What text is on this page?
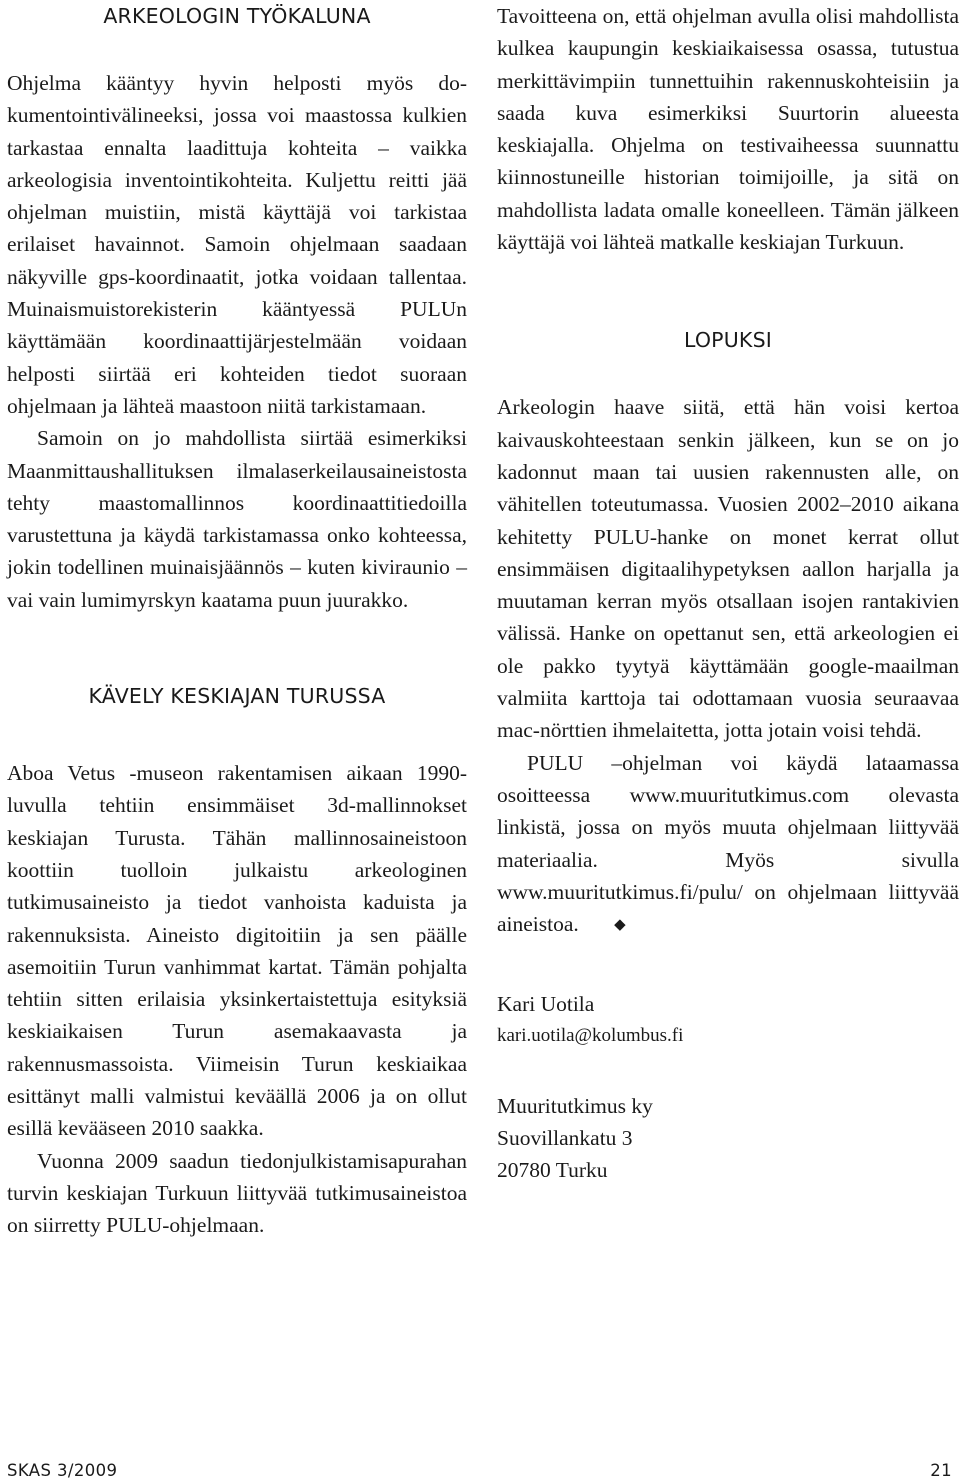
ARKEOLOGIN TYÖKALUNA

Ohjelma kääntyy hyvin helposti myös dokumentointivälineeksi, jossa voi maastossa kulkien tarkastaa ennalta laadittuja kohteita – vaikka arkeologisia inventointikohteita. Kuljettu reitti jää ohjelman muistiin, mistä käyttäjä voi tarkistaa erilaiset havainnot. Samoin ohjelmaan saadaan näkyville gps-koordinaatit, jotka voidaan tallentaa. Muinaismuistorekisterin kääntyessä PULUn käyttämään koordinaattijärjestelmään voidaan helposti siirtää eri kohteiden tiedot suoraan ohjelmaan ja lähteä maastoon niitä tarkistamaan.

Samoin on jo mahdollista siirtää esimerkiksi Maanmittaushallituksen ilmalaserkeilausaineistosta tehty maastomallinnos koordinaattitiedoilla varustettuna ja käydä tarkistamassa onko kohteessa, jokin todellinen muinaisjäännös – kuten kiviraunio – vai vain lumimyrskyn kaatama puun juurakko.

KÄVELY KESKIAJAN TURUSSA

Aboa Vetus -museon rakentamisen aikaan 1990-luvulla tehtiin ensimmäiset 3d-mallinnokset keskiajan Turusta. Tähän mallinnosaineistoon koottiin tuolloin julkaistu arkeologinen tutkimusaineisto ja tiedot vanhoista kaduista ja rakennuksista. Aineisto digitoitiin ja sen päälle asemoitiin Turun vanhimmat kartat. Tämän pohjalta tehtiin sitten erilaisia yksinkertaistettuja esityksiä keskiaikaisen Turun asemakaavasta ja rakennusmassoista. Viimeisin Turun keskiaikaa esittänyt malli valmistui keväällä 2006 ja on ollut esillä kevääseen 2010 saakka.

Vuonna 2009 saadun tiedonjulkistamisapurahan turvin keskiajan Turkuun liittyvää tutkimusaineistoa on siirretty PULU-ohjelmaan.

Tavoitteena on, että ohjelman avulla olisi mahdollista kulkea kaupungin keskiaikaisessa osassa, tutustua merkittävimpiin tunnettuihin rakennuskohteisiin ja saada kuva esimerkiksi Suurtorin alueesta keskiajalla. Ohjelma on testivaiheessa suunnattu kiinnostuneille historian toimijoille, ja sitä on mahdollista ladata omalle koneelleen. Tämän jälkeen käyttäjä voi lähteä matkalle keskiajan Turkuun.

LOPUKSI

Arkeologin haave siitä, että hän voisi kertoa kaivauskohteestaan senkin jälkeen, kun se on jo kadonnut maan tai uusien rakennusten alle, on vähitellen toteutumassa. Vuosien 2002–2010 aikana kehitetty PULU-hanke on monet kerrat ollut ensimmäisen digitaalihypetyksen aallon harjalla ja muutaman kerran myös otsallaan isojen rantakivien välissä. Hanke on opettanut sen, että arkeologien ei ole pakko tyytyä käyttämään google-maailman valmiita karttoja tai odottamaan vuosia seuraavaa mac-nörttien ihmelaitetta, jotta jotain voisi tehdä.

PULU –ohjelman voi käydä lataamassa osoitteessa www.muuritutkimus.com olevasta linkistä, jossa on myös muuta ohjelmaan liittyvää materiaalia. Myös sivulla www.muuritutkimus.fi/pulu/ on ohjelmaan liittyvää aineistoa. ◆

Kari Uotila

kari.uotila@kolumbus.fi

Muuritutkimus ky

Suovillankatu 3

20780 Turku

SKAS 3/2009	21
